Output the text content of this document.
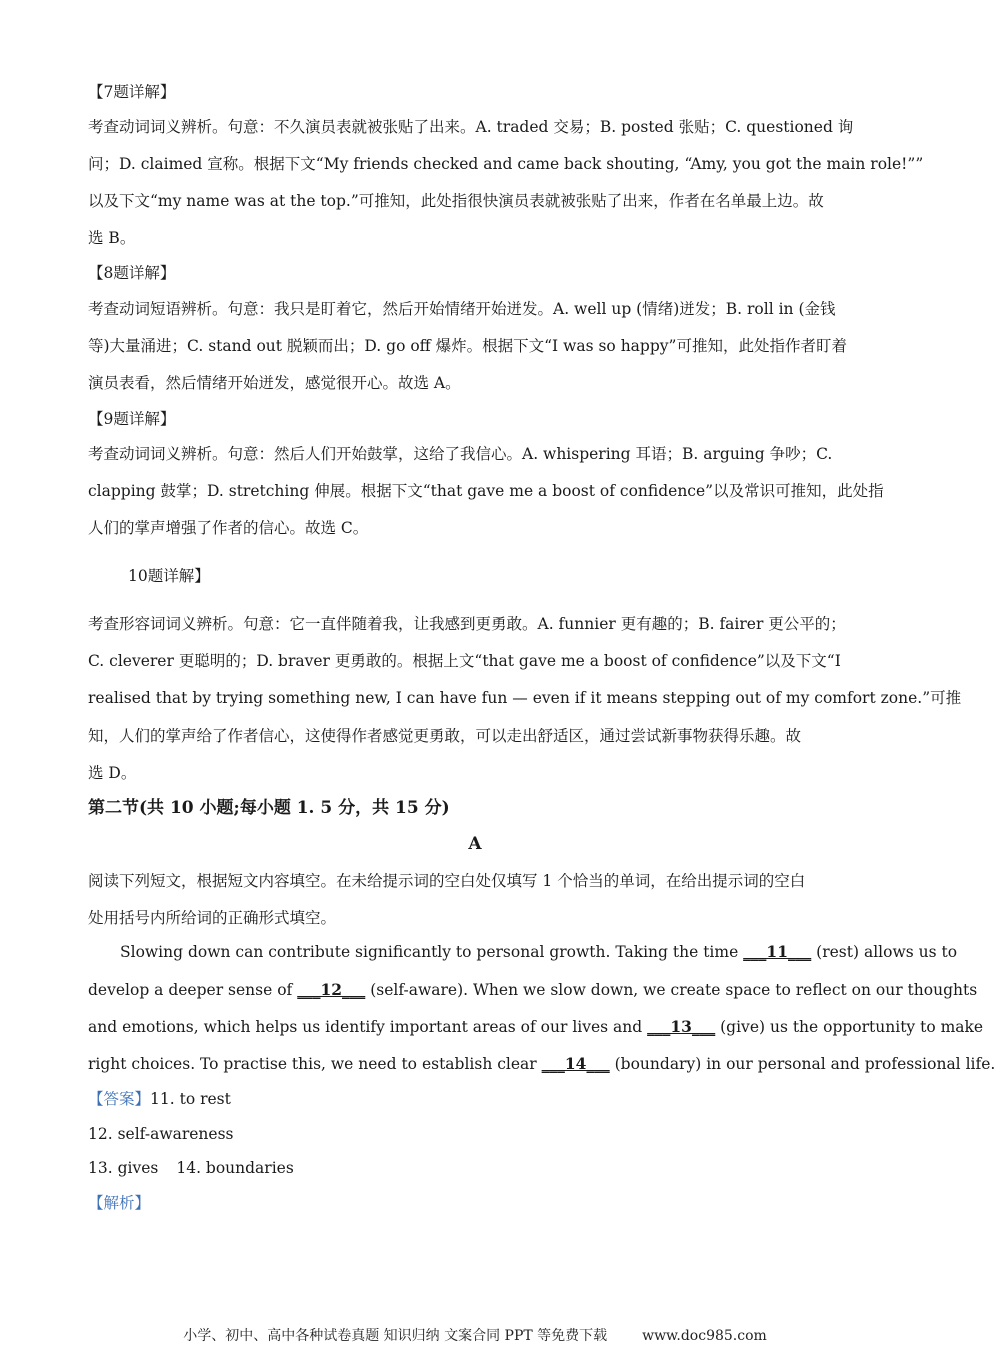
【7题详解】
考查动词词义辨析。句意：不久演员表就被张贴了出来。A. traded 交易；B. posted 张贴；C. questioned 询
问；D. claimed 宣称。根据下文“My friends checked and came back shouting, “Amy, you got the main role!””
以及下文“my name was at the top.”可推知，此处指很快演员表就被张贴了出来，作者在名单最上边。故
选 B。
【8题详解】
考查动词短语辨析。句意：我只是盯着它，然后开始情绪开始迸发。A. well up (情绪)迸发；B. roll in (金钱
等)大量涌进；C. stand out 脱颖而出；D. go off 爆炸。根据下文“I was so happy”可推知，此处指作者盯着
演员表看，然后情绪开始迸发，感觉很开心。故选 A。
【9题详解】
考查动词词义辨析。句意：然后人们开始鼓掌，这给了我信心。A. whispering 耳语；B. arguing 争吵；C.
clapping 鼓掌；D. stretching 伸展。根据下文“that gave me a boost of confidence”以及常识可推知，此处指
人们的掌声增强了作者的信心。故选 C。
10题详解】
考查形容词词义辨析。句意：它一直伴随着我，让我感到更勇敢。A. funnier 更有趣的；B. fairer 更公平的；
C. cleverer 更聪明的；D. braver 更勇敢的。根据上文“that gave me a boost of confidence”以及下文“I
realised that by trying something new, I can have fun — even if it means stepping out of my comfort zone.”可推
知，人们的掌声给了作者信心，这使得作者感觉更勇敢，可以走出舒适区，通过尝试新事物获得乐趣。故
选 D。
第二节(共 10 小题;每小题 1. 5 分，共 15 分)
A
阅读下列短文，根据短文内容填空。在未给提示词的空白处仅填写 1 个恰当的单词，在给出提示词的空白
处用括号内所给词的正确形式填空。
Slowing down can contribute significantly to personal growth. Taking the time ___11___ (rest) allows us to
develop a deeper sense of ___12___ (self-aware). When we slow down, we create space to reflect on our thoughts
and emotions, which helps us identify important areas of our lives and ___13___ (give) us the opportunity to make
right choices. To practise this, we need to establish clear ___14___ (boundary) in our personal and professional life.
【答案】11. to rest
12. self-awareness
13. gives 14. boundaries
【解析】
小学、初中、高中各种试卷真题 知识归纳 文案合同 PPT 等免费下载 www.doc985.com
